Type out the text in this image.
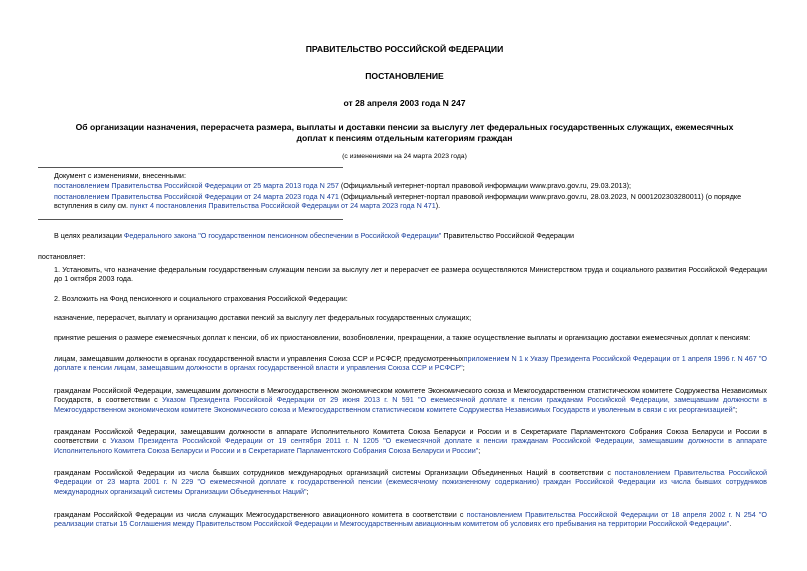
ПРАВИТЕЛЬСТВО РОССИЙСКОЙ ФЕДЕРАЦИИ
ПОСТАНОВЛЕНИЕ
от 28 апреля 2003 года N 247
Об организации назначения, перерасчета размера, выплаты и доставки пенсии за выслугу лет федеральных государственных служащих, ежемесячных доплат к пенсиям отдельным категориям граждан
(с изменениями на 24 марта 2023 года)

Документ с изменениями, внесенными:

постановлением Правительства Российской Федерации от 25 марта 2013 года N 257 (Официальный интернет-портал правовой информации www.pravo.gov.ru, 29.03.2013);

постановлением Правительства Российской Федерации от 24 марта 2023 года N 471 (Официальный интернет-портал правовой информации www.pravo.gov.ru, 28.03.2023, N 0001202303280011) (о порядке вступления в силу см. пункт 4 постановления Правительства Российской Федерации от 24 марта 2023 года N 471).

В целях реализации Федерального закона "О государственном пенсионном обеспечении в Российской Федерации" Правительство Российской Федерации

постановляет:

1. Установить, что назначение федеральным государственным служащим пенсии за выслугу лет и перерасчет ее размера осуществляются Министерством труда и социального развития Российской Федерации до 1 октября 2003 года.

2. Возложить на Фонд пенсионного и социального страхования Российской Федерации:

назначение, перерасчет, выплату и организацию доставки пенсий за выслугу лет федеральных государственных служащих;

принятие решения о размере ежемесячных доплат к пенсии, об их приостановлении, возобновлении, прекращении, а также осуществление выплаты и организацию доставки ежемесячных доплат к пенсиям:

лицам, замещавшим должности в органах государственной власти и управления Союза ССР и РСФСР, предусмотренныхприложением N 1 к Указу Президента Российской Федерации от 1 апреля 1996 г. N 467 "О доплате к пенсии лицам, замещавшим должности в органах государственной власти и управления Союза ССР и РСФСР";

гражданам Российской Федерации, замещавшим должности в Межгосударственном экономическом комитете Экономического союза и Межгосударственном статистическом комитете Содружества Независимых Государств, в соответствии с Указом Президента Российской Федерации от 29 июня 2013 г. N 591 "О ежемесячной доплате к пенсии гражданам Российской Федерации, замещавшим должности в Межгосударственном экономическом комитете Экономического союза и Межгосударственном статистическом комитете Содружества Независимых Государств и уволенным в связи с их реорганизацией";

гражданам Российской Федерации, замещавшим должности в аппарате Исполнительного Комитета Союза Беларуси и России и в Секретариате Парламентского Собрания Союза Беларуси и России в соответствии с Указом Президента Российской Федерации от 19 сентября 2011 г. N 1205 "О ежемесячной доплате к пенсии гражданам Российской Федерации, замещавшим должности в аппарате Исполнительного Комитета Союза Беларуси и России и в Секретариате Парламентского Собрания Союза Беларуси и России";

гражданам Российской Федерации из числа бывших сотрудников международных организаций системы Организации Объединенных Наций в соответствии с постановлением Правительства Российской Федерации от 23 марта 2001 г. N 229 "О ежемесячной доплате к государственной пенсии (ежемесячному пожизненному содержанию) граждан Российской Федерации из числа бывших сотрудников международных организаций системы Организации Объединенных Наций";

гражданам Российской Федерации из числа служащих Межгосударственного авиационного комитета в соответствии с постановлением Правительства Российской Федерации от 18 апреля 2002 г. N 254 "О реализации статьи 15 Соглашения между Правительством Российской Федерации и Межгосударственным авиационным комитетом об условиях его пребывания на территории Российской Федерации".
